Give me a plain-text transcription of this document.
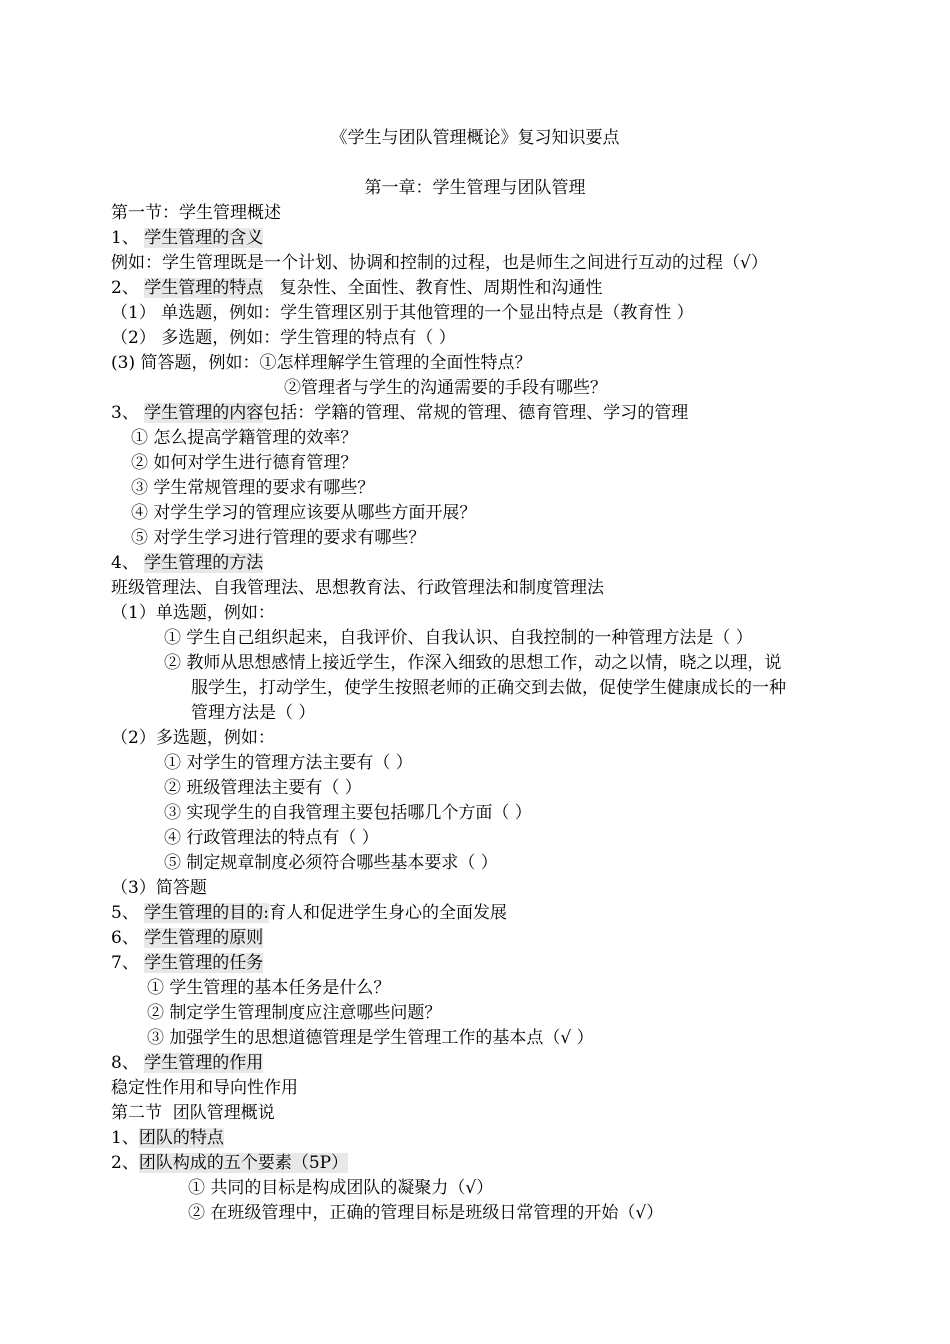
《学生与团队管理概论》复习知识要点
第一章：学生管理与团队管理
第一节：学生管理概述
1、 学生管理的含义
例如：学生管理既是一个计划、协调和控制的过程，也是师生之间进行互动的过程（√）
2、 学生管理的特点   复杂性、全面性、教育性、周期性和沟通性
（1） 单选题，例如：学生管理区别于其他管理的一个显出特点是（教育性 ）
（2） 多选题，例如：学生管理的特点有（ ）
(3) 简答题，例如：①怎样理解学生管理的全面性特点？
②管理者与学生的沟通需要的手段有哪些？
3、 学生管理的内容包括：学籍的管理、常规的管理、德育管理、学习的管理
① 怎么提高学籍管理的效率？
② 如何对学生进行德育管理？
③ 学生常规管理的要求有哪些？
④ 对学生学习的管理应该要从哪些方面开展？
⑤ 对学生学习进行管理的要求有哪些？
4、 学生管理的方法
班级管理法、自我管理法、思想教育法、行政管理法和制度管理法
（1）单选题，例如：
① 学生自己组织起来，自我评价、自我认识、自我控制的一种管理方法是（ ）
② 教师从思想感情上接近学生，作深入细致的思想工作，动之以情，晓之以理，说
服学生，打动学生，使学生按照老师的正确交到去做，促使学生健康成长的一种
管理方法是（ ）
（2）多选题，例如：
① 对学生的管理方法主要有（ ）
② 班级管理法主要有（ ）
③ 实现学生的自我管理主要包括哪几个方面（ ）
④ 行政管理法的特点有（ ）
⑤ 制定规章制度必须符合哪些基本要求（ ）
（3）简答题
5、 学生管理的目的:育人和促进学生身心的全面发展
6、 学生管理的原则
7、 学生管理的任务
① 学生管理的基本任务是什么？
② 制定学生管理制度应注意哪些问题？
③ 加强学生的思想道德管理是学生管理工作的基本点（√ ）
8、 学生管理的作用
稳定性作用和导向性作用
第二节  团队管理概说
1、团队的特点
2、团队构成的五个要素（5P）
① 共同的目标是构成团队的凝聚力（√）
② 在班级管理中，正确的管理目标是班级日常管理的开始（√）
